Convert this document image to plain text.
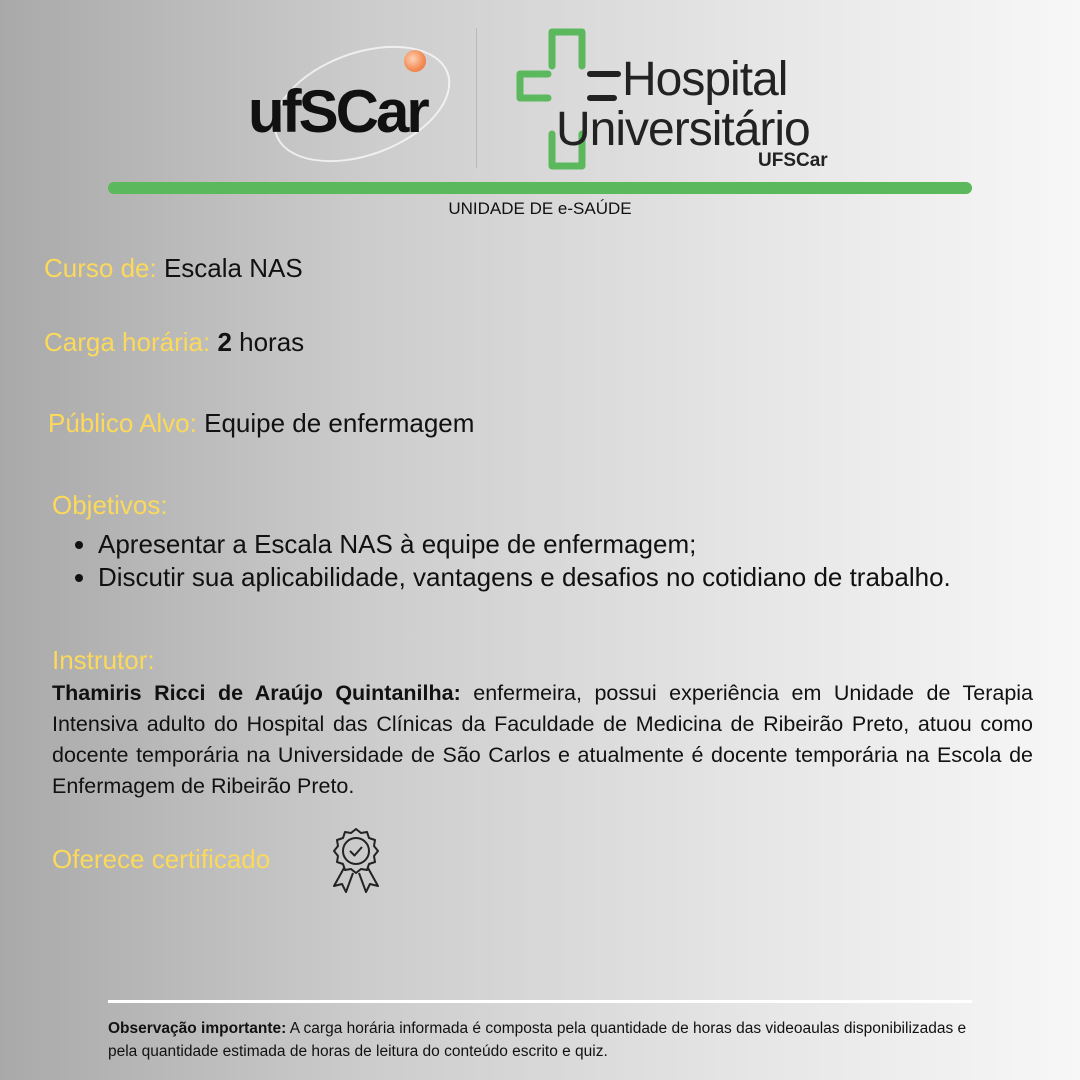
ufSCar	Hospital
Universitário
UFSCar
UNIDADE DE e-SAÚDE
Curso de: Escala NAS
Carga horária: 2 horas
Público Alvo: Equipe de enfermagem
Objetivos:
• Apresentar a Escala NAS à equipe de enfermagem;
• Discutir sua aplicabilidade, vantagens e desafios no cotidiano de trabalho.
Instrutor:

Thamiris Ricci de Araújo Quintanilha: enfermeira, possui experiência em Unidade de Terapia Intensiva adulto do Hospital das Clínicas da Faculdade de Medicina de Ribeirão Preto, atuou como docente temporária na Universidade de São Carlos e atualmente é docente temporária na Escola de Enfermagem de Ribeirão Preto.

Oferece certificado

Observação importante: A carga horária informada é composta pela quantidade de horas das videoaulas disponibilizadas e pela quantidade estimada de horas de leitura do conteúdo escrito e quiz.
